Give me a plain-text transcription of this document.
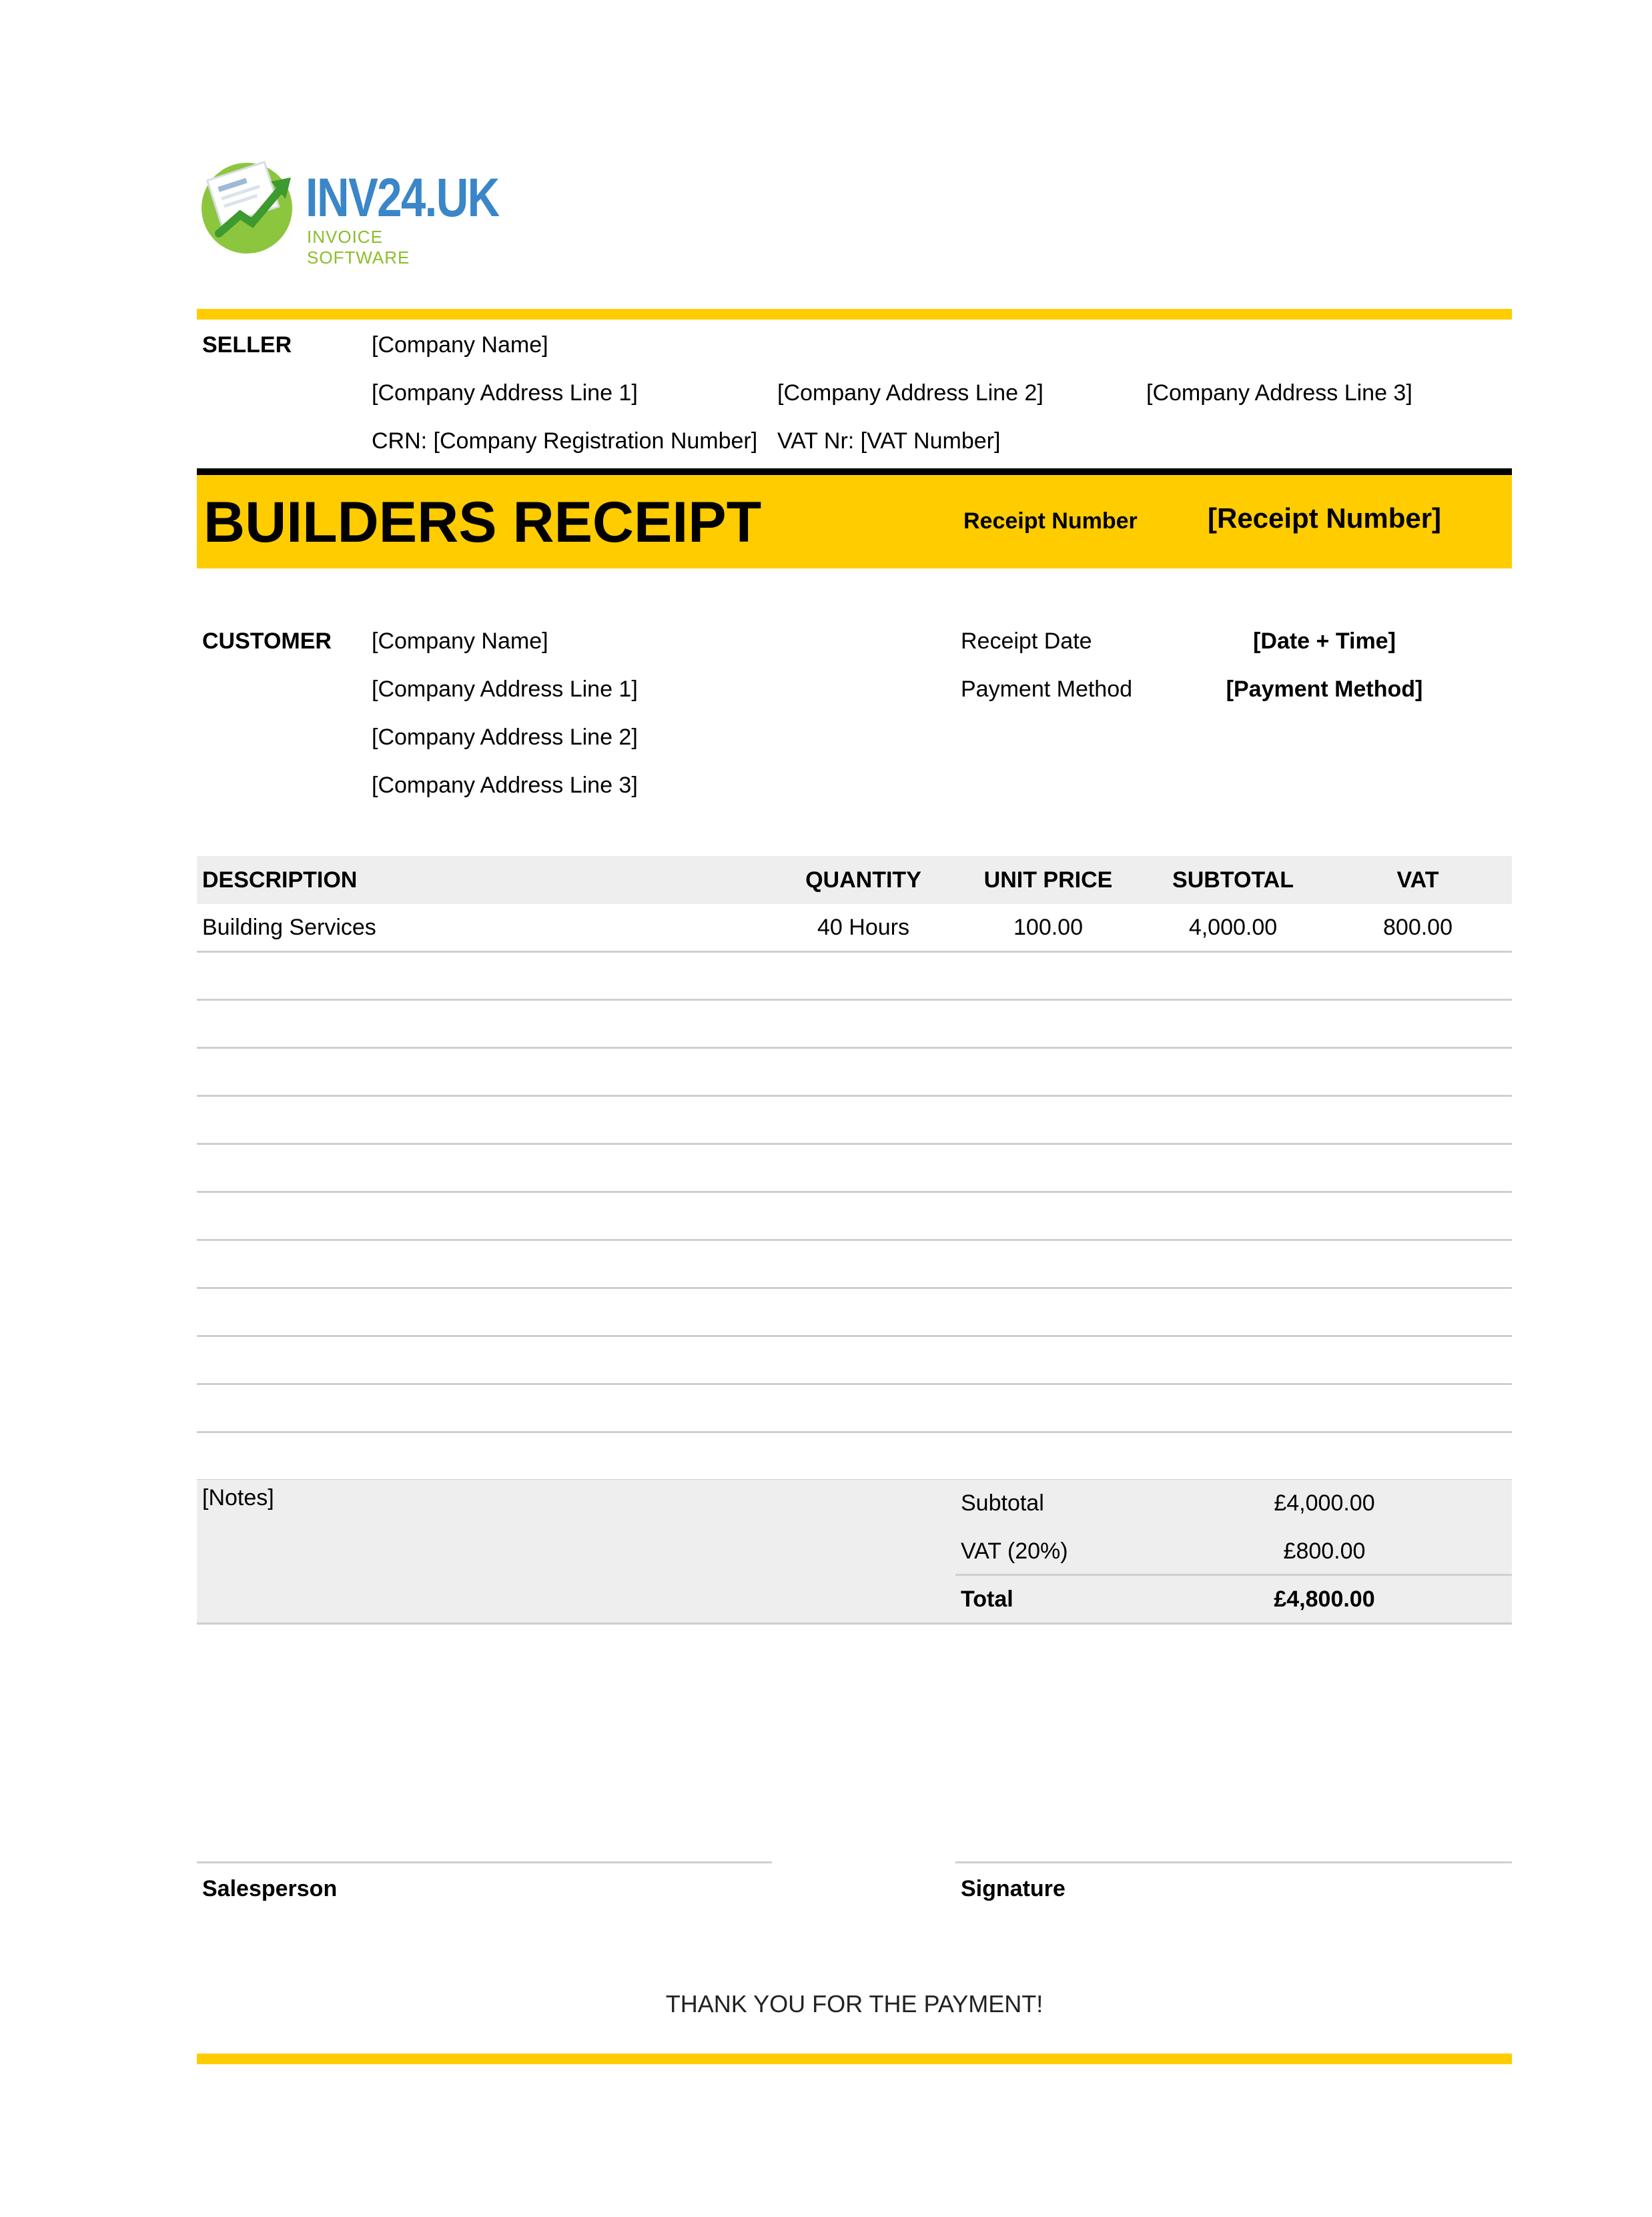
INV24.UK
INVOICE SOFTWARE
SELLER	[Company Name]
[Company Address Line 1]	[Company Address Line 2]	[Company Address Line 3]
CRN: [Company Registration Number] VAT Nr: [VAT Number]
BUILDERS RECEIPT	Receipt Number	[Receipt Number]
CUSTOMER [Company Name]
[Company Address Line 1]
[Company Address Line 2]
[Company Address Line 3]
Receipt Date	[Date + Time]
Payment Method	[Payment Method]
DESCRIPTION	QUANTITY	UNIT PRICE	SUBTOTAL	VAT
Building Services	40 Hours	100.00	4,000.00	800.00
[Notes]	Subtotal	£4,000.00
VAT (20%)	£800.00
Total	£4,800.00
Salesperson	Signature
THANK YOU FOR THE PAYMENT!
